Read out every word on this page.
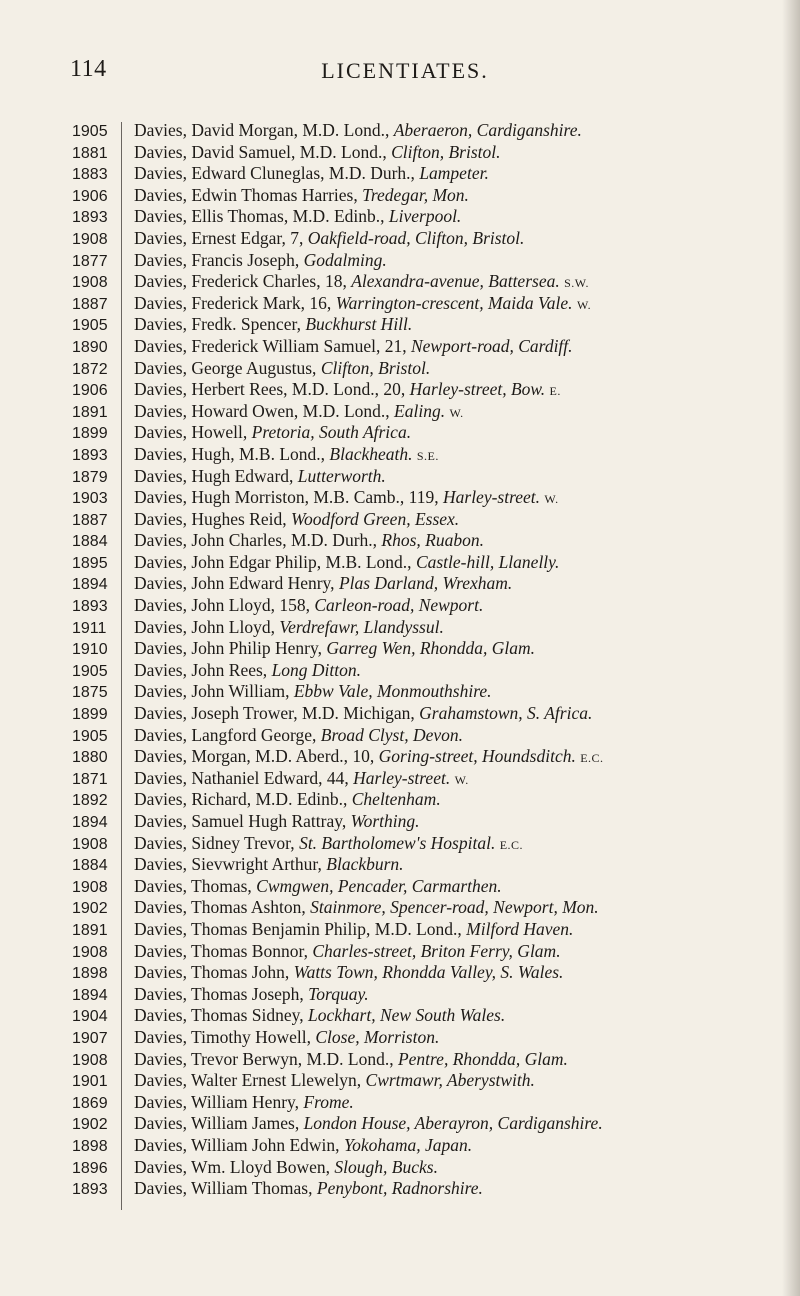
114	LICENTIATES.
1905	Davies, David Morgan, M.D. Lond., Aberaeron, Cardiganshire.
1881	Davies, David Samuel, M.D. Lond., Clifton, Bristol.
1883	Davies, Edward Cluneglas, M.D. Durh., Lampeter.
1906	Davies, Edwin Thomas Harries, Tredegar, Mon.
1893	Davies, Ellis Thomas, M.D. Edinb., Liverpool.
1908	Davies, Ernest Edgar, 7, Oakfield-road, Clifton, Bristol.
1877	Davies, Francis Joseph, Godalming.
1908	Davies, Frederick Charles, 18, Alexandra-avenue, Battersea. S.W.
1887	Davies, Frederick Mark, 16, Warrington-crescent, Maida Vale. W.
1905	Davies, Fredk. Spencer, Buckhurst Hill.
1890	Davies, Frederick William Samuel, 21, Newport-road, Cardiff.
1872	Davies, George Augustus, Clifton, Bristol.
1906	Davies, Herbert Rees, M.D. Lond., 20, Harley-street, Bow. E.
1891	Davies, Howard Owen, M.D. Lond., Ealing. W.
1899	Davies, Howell, Pretoria, South Africa.
1893	Davies, Hugh, M.B. Lond., Blackheath. S.E.
1879	Davies, Hugh Edward, Lutterworth.
1903	Davies, Hugh Morriston, M.B. Camb., 119, Harley-street. W.
1887	Davies, Hughes Reid, Woodford Green, Essex.
1884	Davies, John Charles, M.D. Durh., Rhos, Ruabon.
1895	Davies, John Edgar Philip, M.B. Lond., Castle-hill, Llanelly.
1894	Davies, John Edward Henry, Plas Darland, Wrexham.
1893	Davies, John Lloyd, 158, Carleon-road, Newport.
1911	Davies, John Lloyd, Verdrefawr, Llandyssul.
1910	Davies, John Philip Henry, Garreg Wen, Rhondda, Glam.
1905	Davies, John Rees, Long Ditton.
1875	Davies, John William, Ebbw Vale, Monmouthshire.
1899	Davies, Joseph Trower, M.D. Michigan, Grahamstown, S. Africa.
1905	Davies, Langford George, Broad Clyst, Devon.
1880	Davies, Morgan, M.D. Aberd., 10, Goring-street, Houndsditch. E.C.
1871	Davies, Nathaniel Edward, 44, Harley-street. W.
1892	Davies, Richard, M.D. Edinb., Cheltenham.
1894	Davies, Samuel Hugh Rattray, Worthing.
1908	Davies, Sidney Trevor, St. Bartholomew's Hospital. E.C.
1884	Davies, Sievwright Arthur, Blackburn.
1908	Davies, Thomas, Cwmgwen, Pencader, Carmarthen.
1902	Davies, Thomas Ashton, Stainmore, Spencer-road, Newport, Mon.
1891	Davies, Thomas Benjamin Philip, M.D. Lond., Milford Haven.
1908	Davies, Thomas Bonnor, Charles-street, Briton Ferry, Glam.
1898	Davies, Thomas John, Watts Town, Rhondda Valley, S. Wales.
1894	Davies, Thomas Joseph, Torquay.
1904	Davies, Thomas Sidney, Lockhart, New South Wales.
1907	Davies, Timothy Howell, Close, Morriston.
1908	Davies, Trevor Berwyn, M.D. Lond., Pentre, Rhondda, Glam.
1901	Davies, Walter Ernest Llewelyn, Cwrtmawr, Aberystwith.
1869	Davies, William Henry, Frome.
1902	Davies, William James, London House, Aberayron, Cardiganshire.
1898	Davies, William John Edwin, Yokohama, Japan.
1896	Davies, Wm. Lloyd Bowen, Slough, Bucks.
1893	Davies, William Thomas, Penybont, Radnorshire.
